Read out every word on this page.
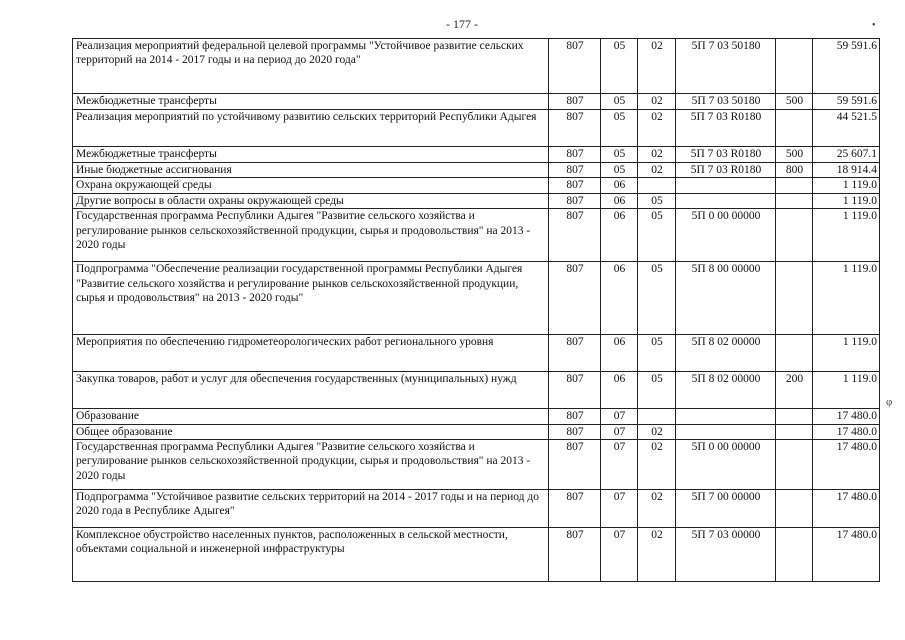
- 177 -	•
φ
Реализация мероприятий федеральной целевой программы "Устойчивое развитие сельских территорий на 2014 - 2017 годы и на период до 2020 года"	807	05	02	5П 7 03 50180		59 591.6
Межбюджетные трансферты	807	05	02	5П 7 03 50180	500	59 591.6
Реализация мероприятий по устойчивому развитию сельских территорий Республики Адыгея	807	05	02	5П 7 03 R0180		44 521.5
Межбюджетные трансферты	807	05	02	5П 7 03 R0180	500	25 607.1
Иные бюджетные ассигнования	807	05	02	5П 7 03 R0180	800	18 914.4
Охрана окружающей среды	807	06				1 119.0
Другие вопросы в области охраны окружающей среды	807	06	05			1 119.0
Государственная программа Республики Адыгея "Развитие сельского хозяйства и регулирование рынков сельскохозяйственной продукции, сырья и продовольствия" на 2013 - 2020 годы	807	06	05	5П 0 00 00000		1 119.0
Подпрограмма "Обеспечение реализации государственной программы Республики Адыгея "Развитие сельского хозяйства и регулирование рынков сельскохозяйственной продукции, сырья и продовольствия" на 2013 - 2020 годы"	807	06	05	5П 8 00 00000		1 119.0
Мероприятия по обеспечению гидрометеорологических работ регионального уровня	807	06	05	5П 8 02 00000		1 119.0
Закупка товаров, работ и услуг для обеспечения государственных (муниципальных) нужд	807	06	05	5П 8 02 00000	200	1 119.0
Образование	807	07				17 480.0
Общее образование	807	07	02			17 480.0
Государственная программа Республики Адыгея "Развитие сельского хозяйства и регулирование рынков сельскохозяйственной продукции, сырья и продовольствия" на 2013 - 2020 годы	807	07	02	5П 0 00 00000		17 480.0
Подпрограмма "Устойчивое развитие сельских территорий на 2014 - 2017 годы и на период до 2020 года в Республике Адыгея"	807	07	02	5П 7 00 00000		17 480.0
Комплексное обустройство населенных пунктов, расположенных в сельской местности, объектами социальной и инженерной инфраструктуры	807	07	02	5П 7 03 00000		17 480.0
